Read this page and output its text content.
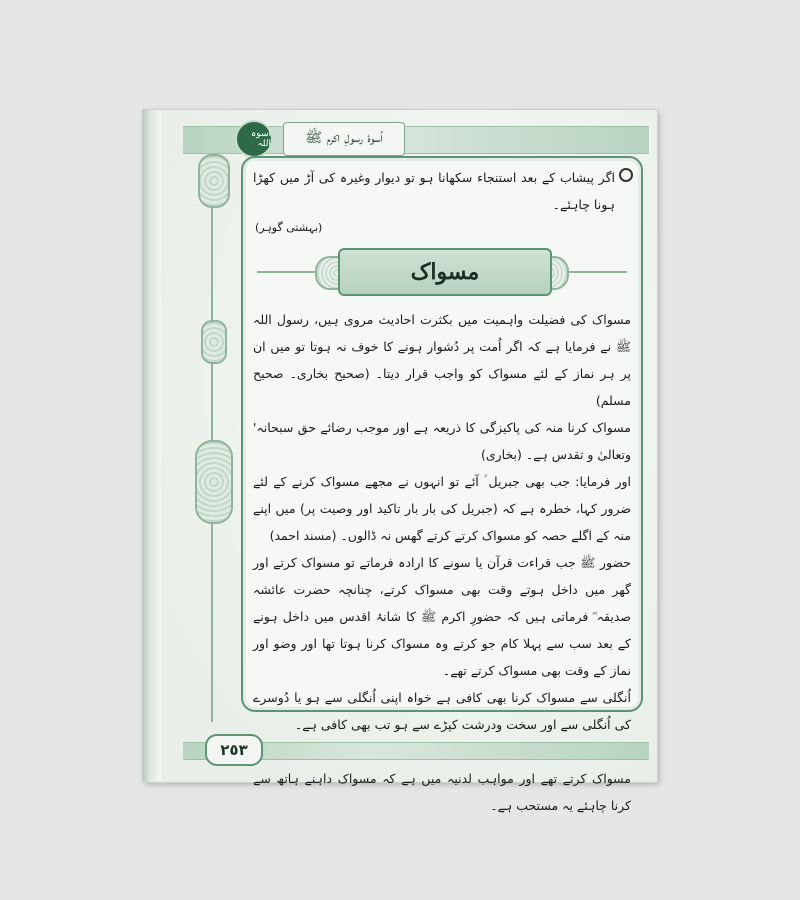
اسوہ اللہ	اُسوۂ رسولِ اکرم ﷺ

اگر پیشاب کے بعد استنجاء سکھانا ہو تو دیوار وغیرہ کی آڑ میں کھڑا ہونا چاہئے۔

(بہشتی گوہر)

مسواک

مسواک کی فضیلت واہمیت میں بکثرت احادیث مروی ہیں، رسول اللہ ﷺ نے فرمایا ہے کہ اگر اُمت پر دُشوار ہونے کا خوف نہ ہوتا تو میں ان پر ہر نماز کے لئے مسواک کو واجب قرار دیتا۔ (صحیح بخاری۔ صحیح مسلم)

مسواک کرنا منہ کی پاکیزگی کا ذریعہ ہے اور موجب رضائے حق سبحانہ' وتعالیٰ و تقدس ہے۔ (بخاری)

اور فرمایا: جب بھی جبریل ؑ آئے تو انہوں نے مجھے مسواک کرنے کے لئے ضرور کہا، خطرہ ہے کہ (جبریل کی بار بار تاکید اور وصیت پر) میں اپنے منہ کے اگلے حصہ کو مسواک کرتے کرتے گھس نہ ڈالوں۔ (مسند احمد)

حضور ﷺ جب قراءت قرآن یا سونے کا ارادہ فرماتے تو مسواک کرتے اور گھر میں داخل ہوتے وقت بھی مسواک کرتے، چنانچہ حضرت عائشہ صدیقہ ؓ فرماتی ہیں کہ حضورِ اکرم ﷺ کا شانۂ اقدس میں داخل ہونے کے بعد سب سے پہلا کام جو کرتے وہ مسواک کرنا ہوتا تھا اور وضو اور نماز کے وقت بھی مسواک کرتے تھے۔

اُنگلی سے مسواک کرنا بھی کافی ہے خواہ اپنی اُنگلی سے ہو یا دُوسرے کی اُنگلی سے اور سخت ودرشت کپڑے سے ہو تب بھی کافی ہے۔

مسواک کرتے تھے اور مواہب لدنیہ میں ہے کہ مسواک داہنے ہاتھ سے کرنا چاہئے یہ مستحب ہے۔

٢٥٣
